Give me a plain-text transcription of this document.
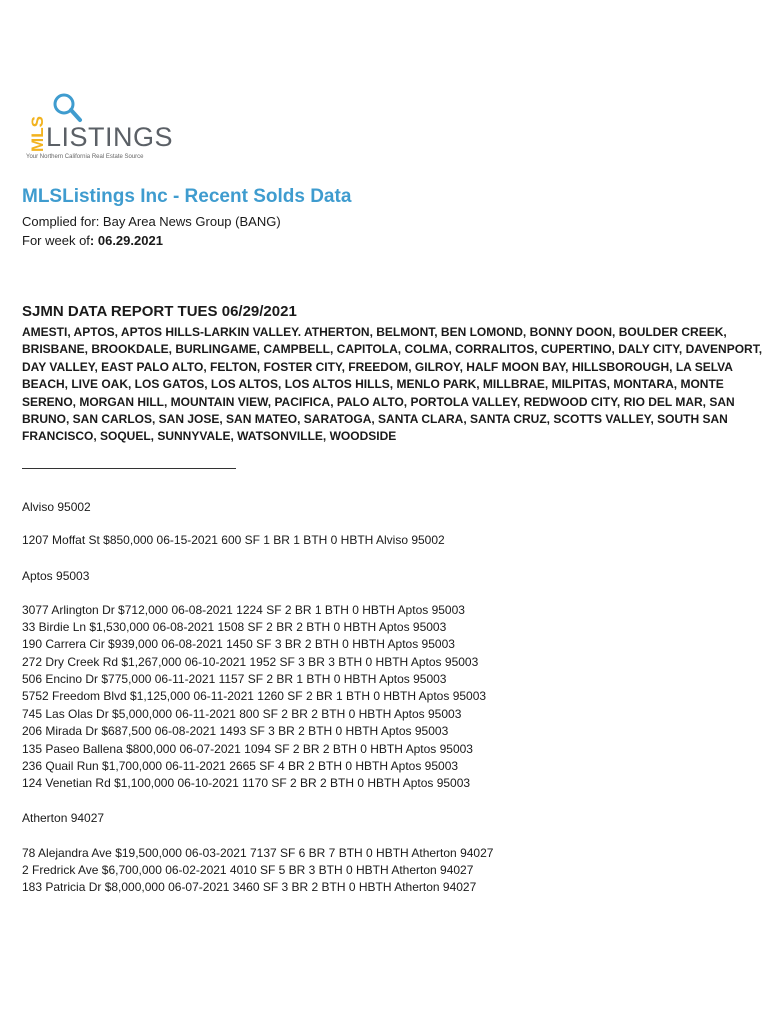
MLS LISTINGS
Your Northern California Real Estate Source
MLSListings Inc - Recent Solds Data
Complied for: Bay Area News Group (BANG)
For week of: 06.29.2021
SJMN DATA REPORT TUES 06/29/2021
AMESTI, APTOS, APTOS HILLS-LARKIN VALLEY. ATHERTON, BELMONT, BEN LOMOND, BONNY DOON, BOULDER CREEK, BRISBANE, BROOKDALE, BURLINGAME, CAMPBELL, CAPITOLA, COLMA, CORRALITOS, CUPERTINO, DALY CITY, DAVENPORT, DAY VALLEY, EAST PALO ALTO, FELTON, FOSTER CITY, FREEDOM, GILROY, HALF MOON BAY, HILLSBOROUGH, LA SELVA BEACH, LIVE OAK, LOS GATOS, LOS ALTOS, LOS ALTOS HILLS, MENLO PARK, MILLBRAE, MILPITAS, MONTARA, MONTE SERENO, MORGAN HILL, MOUNTAIN VIEW, PACIFICA, PALO ALTO, PORTOLA VALLEY, REDWOOD CITY, RIO DEL MAR, SAN BRUNO, SAN CARLOS, SAN JOSE, SAN MATEO, SARATOGA, SANTA CLARA, SANTA CRUZ, SCOTTS VALLEY, SOUTH SAN FRANCISCO, SOQUEL, SUNNYVALE, WATSONVILLE, WOODSIDE
Alviso 95002
1207 Moffat St $850,000 06-15-2021 600 SF 1 BR 1 BTH 0 HBTH Alviso 95002
Aptos 95003
3077 Arlington Dr $712,000 06-08-2021 1224 SF 2 BR 1 BTH 0 HBTH Aptos 95003
33 Birdie Ln $1,530,000 06-08-2021 1508 SF 2 BR 2 BTH 0 HBTH Aptos 95003
190 Carrera Cir $939,000 06-08-2021 1450 SF 3 BR 2 BTH 0 HBTH Aptos 95003
272 Dry Creek Rd $1,267,000 06-10-2021 1952 SF 3 BR 3 BTH 0 HBTH Aptos 95003
506 Encino Dr $775,000 06-11-2021 1157 SF 2 BR 1 BTH 0 HBTH Aptos 95003
5752 Freedom Blvd $1,125,000 06-11-2021 1260 SF 2 BR 1 BTH 0 HBTH Aptos 95003
745 Las Olas Dr $5,000,000 06-11-2021 800 SF 2 BR 2 BTH 0 HBTH Aptos 95003
206 Mirada Dr $687,500 06-08-2021 1493 SF 3 BR 2 BTH 0 HBTH Aptos 95003
135 Paseo Ballena $800,000 06-07-2021 1094 SF 2 BR 2 BTH 0 HBTH Aptos 95003
236 Quail Run $1,700,000 06-11-2021 2665 SF 4 BR 2 BTH 0 HBTH Aptos 95003
124 Venetian Rd $1,100,000 06-10-2021 1170 SF 2 BR 2 BTH 0 HBTH Aptos 95003
Atherton 94027
78 Alejandra Ave $19,500,000 06-03-2021 7137 SF 6 BR 7 BTH 0 HBTH Atherton 94027
2 Fredrick Ave $6,700,000 06-02-2021 4010 SF 5 BR 3 BTH 0 HBTH Atherton 94027
183 Patricia Dr $8,000,000 06-07-2021 3460 SF 3 BR 2 BTH 0 HBTH Atherton 94027
